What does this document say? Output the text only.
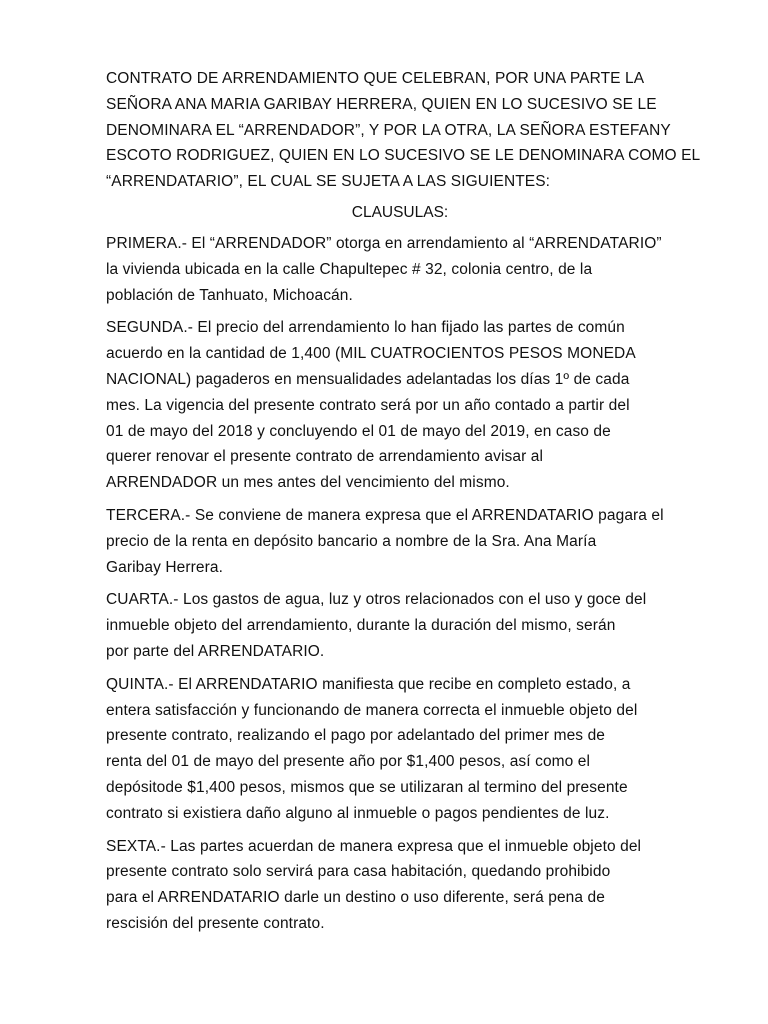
CONTRATO DE ARRENDAMIENTO QUE CELEBRAN, POR UNA PARTE LA
SEÑORA ANA MARIA GARIBAY HERRERA, QUIEN EN LO SUCESIVO SE LE
DENOMINARA EL “ARRENDADOR”, Y POR LA OTRA, LA SEÑORA ESTEFANY
ESCOTO RODRIGUEZ, QUIEN EN LO SUCESIVO SE LE DENOMINARA COMO EL
“ARRENDATARIO”, EL CUAL SE SUJETA A LAS SIGUIENTES:

CLAUSULAS:

PRIMERA.- El “ARRENDADOR” otorga en arrendamiento al “ARRENDATARIO”
la vivienda ubicada en la calle Chapultepec # 32, colonia centro, de la
población de Tanhuato, Michoacán.

SEGUNDA.- El precio del arrendamiento lo han fijado las partes de común
acuerdo en la cantidad de 1,400 (MIL CUATROCIENTOS PESOS MONEDA
NACIONAL) pagaderos en mensualidades adelantadas los días 1º de cada
mes. La vigencia del presente contrato será por un año contado a partir del
01 de mayo del 2018 y concluyendo el 01 de mayo del 2019, en caso de
querer renovar el presente contrato de arrendamiento avisar al
ARRENDADOR un mes antes del vencimiento del mismo.

TERCERA.- Se conviene de manera expresa que el ARRENDATARIO pagara el
precio de la renta en depósito bancario a nombre de la Sra. Ana María
Garibay Herrera.

CUARTA.- Los gastos de agua, luz y otros relacionados con el uso y goce del
inmueble objeto del arrendamiento, durante la duración del mismo, serán
por parte del ARRENDATARIO.

QUINTA.- El ARRENDATARIO manifiesta que recibe en completo estado, a
entera satisfacción y funcionando de manera correcta el inmueble objeto del
presente contrato, realizando el pago por adelantado del primer mes de
renta del 01 de mayo del presente año por $1,400 pesos, así como el
depósitode $1,400 pesos, mismos que se utilizaran al termino del presente
contrato si existiera daño alguno al inmueble o pagos pendientes de luz.

SEXTA.- Las partes acuerdan de manera expresa que el inmueble objeto del
presente contrato solo servirá para casa habitación, quedando prohibido
para el ARRENDATARIO darle un destino o uso diferente, será pena de
rescisión del presente contrato.
